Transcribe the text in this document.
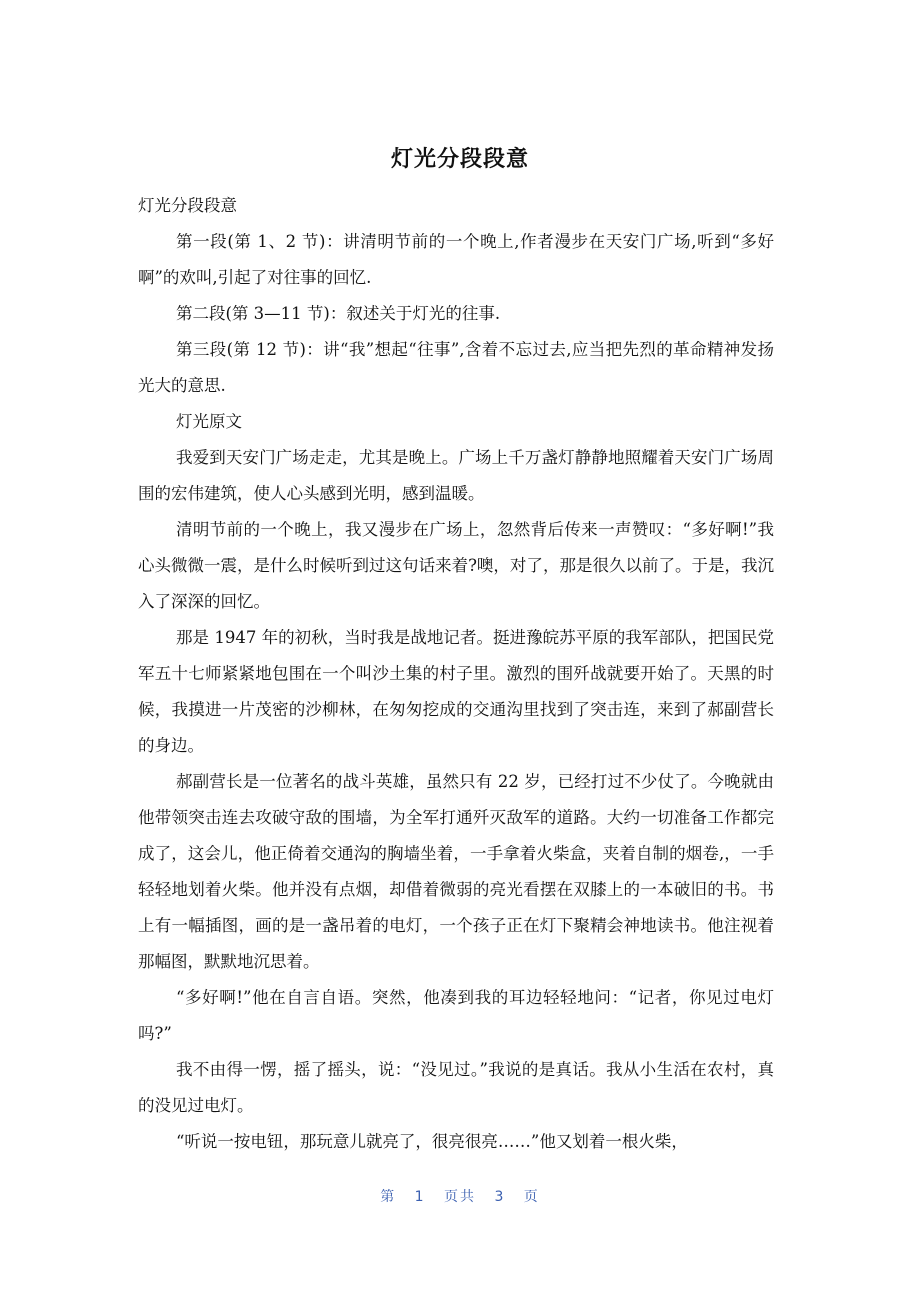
灯光分段段意

灯光分段段意

第一段(第 1、2 节)：讲清明节前的一个晚上,作者漫步在天安门广场,听到“多好啊”的欢叫,引起了对往事的回忆.

第二段(第 3—11 节)：叙述关于灯光的往事.

第三段(第 12 节)：讲“我”想起“往事”,含着不忘过去,应当把先烈的革命精神发扬光大的意思.

灯光原文

我爱到天安门广场走走，尤其是晚上。广场上千万盏灯静静地照耀着天安门广场周围的宏伟建筑，使人心头感到光明，感到温暖。

清明节前的一个晚上，我又漫步在广场上，忽然背后传来一声赞叹：“多好啊!”我心头微微一震，是什么时候听到过这句话来着?噢，对了，那是很久以前了。于是，我沉入了深深的回忆。

那是 1947 年的初秋，当时我是战地记者。挺进豫皖苏平原的我军部队，把国民党军五十七师紧紧地包围在一个叫沙土集的村子里。激烈的围歼战就要开始了。天黑的时候，我摸进一片茂密的沙柳林，在匆匆挖成的交通沟里找到了突击连，来到了郝副营长的身边。

郝副营长是一位著名的战斗英雄，虽然只有 22 岁，已经打过不少仗了。今晚就由他带领突击连去攻破守敌的围墙，为全军打通歼灭敌军的道路。大约一切准备工作都完成了，这会儿，他正倚着交通沟的胸墙坐着，一手拿着火柴盒，夹着自制的烟卷,，一手轻轻地划着火柴。他并没有点烟，却借着微弱的亮光看摆在双膝上的一本破旧的书。书上有一幅插图，画的是一盏吊着的电灯，一个孩子正在灯下聚精会神地读书。他注视着那幅图，默默地沉思着。

“多好啊!”他在自言自语。突然，他凑到我的耳边轻轻地问：“记者，你见过电灯吗?”

我不由得一愣，摇了摇头，说：“没见过。”我说的是真话。我从小生活在农村，真的没见过电灯。

“听说一按电钮，那玩意儿就亮了，很亮很亮……”他又划着一根火柴，

第 1 页共 3 页
